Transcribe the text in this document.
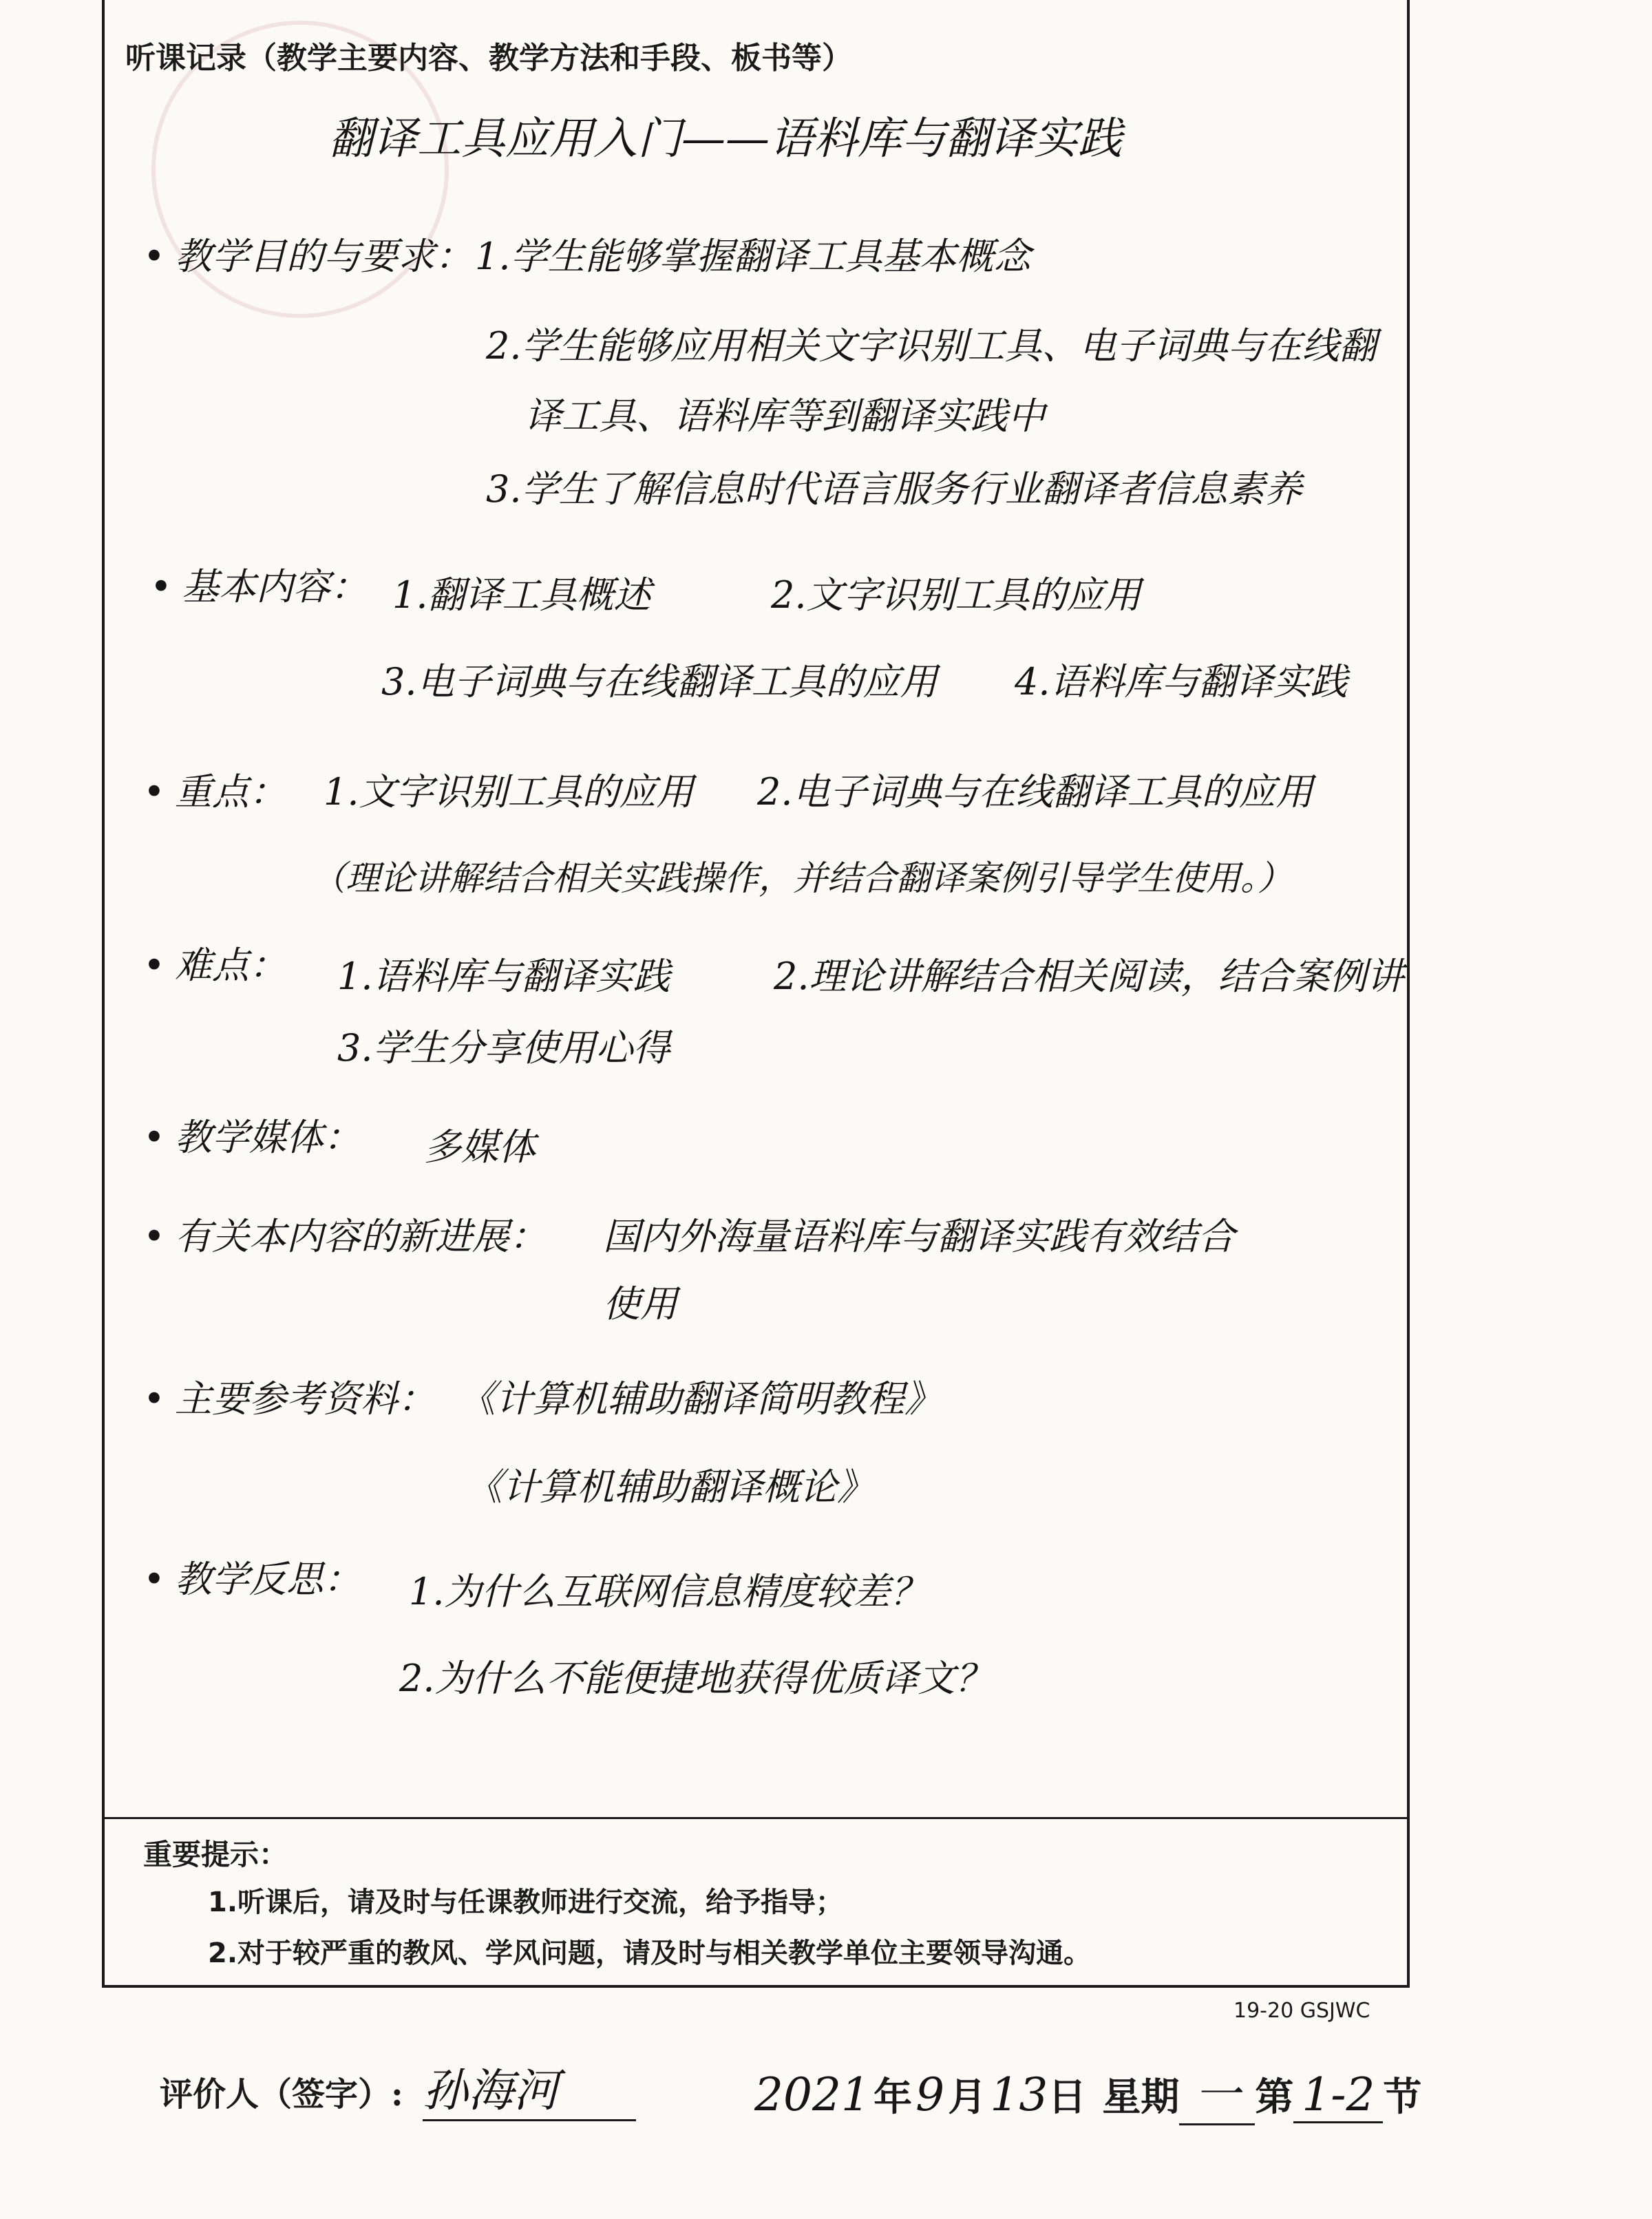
听课记录（教学主要内容、教学方法和手段、板书等）
翻译工具应用入门——语料库与翻译实践
• 教学目的与要求： 1.学生能够掌握翻译工具基本概念
2.学生能够应用相关文字识别工具、电子词典与在线翻
译工具、语料库等到翻译实践中
3.学生了解信息时代语言服务行业翻译者信息素养
• 基本内容： 1.翻译工具概述	2.文字识别工具的应用
3.电子词典与在线翻译工具的应用 4.语料库与翻译实践
• 重点： 1.文字识别工具的应用 2.电子词典与在线翻译工具的应用
（理论讲解结合相关实践操作，并结合翻译案例引导学生使用。）
• 难点： 1.语料库与翻译实践	2.理论讲解结合相关阅读，结合案例讲
3.学生分享使用心得
• 教学媒体： 多媒体
• 有关本内容的新进展： 国内外海量语料库与翻译实践有效结合
使用
• 主要参考资料： 《计算机辅助翻译简明教程》
《计算机辅助翻译概论》
• 教学反思： 1.为什么互联网信息精度较差？
2.为什么不能便捷地获得优质译文？
重要提示：
1.听课后，请及时与任课教师进行交流，给予指导；
2.对于较严重的教风、学风问题，请及时与相关教学单位主要领导沟通。
19-20 GSJWC
评价人（签字）: 孙海河	2021 年 9 月 13日 星期 一 第 1-2 节
